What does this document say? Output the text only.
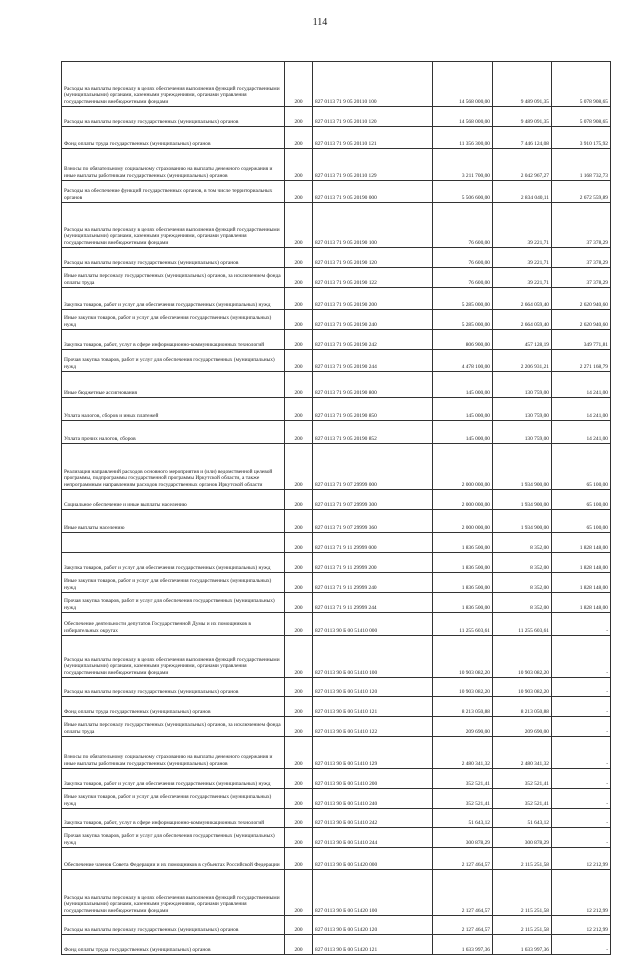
114
Расходы на выплаты персоналу в целях обеспечения выполнения функций государственными (муниципальными) органами, казенными учреждениями, органами управления государственными внебюджетными фондами	200	827 0113 71 9 05 20110 100	14 568 000,00	9 489 091,35	5 078 908,65
Расходы на выплаты персоналу государственных (муниципальных) органов	200	827 0113 71 9 05 20110 120	14 568 000,00	9 489 091,35	5 078 908,65
Фонд оплаты труда государственных (муниципальных) органов	200	827 0113 71 9 05 20110 121	11 356 300,00	7 446 124,08	3 910 175,92
Взносы по обязательному социальному страхованию на выплаты денежного содержания и иные выплаты работникам государственных (муниципальных) органов	200	827 0113 71 9 05 20110 129	3 211 700,00	2 042 967,27	1 168 732,73
Расходы на обеспечение функций государственных органов, в том числе территориальных органов	200	827 0113 71 9 05 20190 000	5 506 600,00	2 834 040,11	2 672 559,89
Расходы на выплаты персоналу в целях обеспечения выполнения функций государственными (муниципальными) органами, казенными учреждениями, органами управления государственными внебюджетными фондами	200	827 0113 71 9 05 20190 100	76 600,00	39 221,71	37 378,29
Расходы на выплаты персоналу государственных (муниципальных) органов	200	827 0113 71 9 05 20190 120	76 600,00	39 221,71	37 378,29
Иные выплаты персоналу государственных (муниципальных) органов, за исключением фонда оплаты труда	200	827 0113 71 9 05 20190 122	76 600,00	39 221,71	37 378,29
Закупка товаров, работ и услуг для обеспечения государственных (муниципальных) нужд	200	827 0113 71 9 05 20190 200	5 285 000,00	2 664 059,40	2 620 940,60
Иные закупки товаров, работ и услуг для обеспечения государственных (муниципальных) нужд	200	827 0113 71 9 05 20190 240	5 285 000,00	2 664 059,40	2 620 940,60
Закупка товаров, работ, услуг в сфере информационно-коммуникационных технологий	200	827 0113 71 9 05 20190 242	806 900,00	457 128,19	349 771,81
Прочая закупка товаров, работ и услуг для обеспечения государственных (муниципальных) нужд	200	827 0113 71 9 05 20190 244	4 478 100,00	2 206 931,21	2 271 168,79
Иные бюджетные ассигнования	200	827 0113 71 9 05 20190 800	145 000,00	130 759,00	14 241,00
Уплата налогов, сборов и иных платежей	200	827 0113 71 9 05 20190 850	145 000,00	130 759,00	14 241,00
Уплата прочих налогов, сборов	200	827 0113 71 9 05 20190 852	145 000,00	130 759,00	14 241,00
Реализация направлений расходов основного мероприятия и (или) ведомственной целевой программы, подпрограммы государственной программы Иркутской области, а также непрограммным направлениям расходов государственных органов Иркутской области	200	827 0113 71 9 07 29999 000	2 000 000,00	1 934 900,00	65 100,00
Социальное обеспечение и иные выплаты населению	200	827 0113 71 9 07 29999 300	2 000 000,00	1 934 900,00	65 100,00
Иные выплаты населению	200	827 0113 71 9 07 29999 360	2 000 000,00	1 934 900,00	65 100,00
	200	827 0113 71 9 11 29999 000	1 836 500,00	8 352,00	1 828 148,00
Закупка товаров, работ и услуг для обеспечения государственных (муниципальных) нужд	200	827 0113 71 9 11 29999 200	1 836 500,00	8 352,00	1 828 148,00
Иные закупки товаров, работ и услуг для обеспечения государственных (муниципальных) нужд	200	827 0113 71 9 11 29999 240	1 836 500,00	8 352,00	1 828 148,00
Прочая закупка товаров, работ и услуг для обеспечения государственных (муниципальных) нужд	200	827 0113 71 9 11 29999 244	1 836 500,00	8 352,00	1 828 148,00
Обеспечение деятельности депутатов Государственной Думы и их помощников в избирательных округах	200	827 0113 90 Б 00 51410 000	11 255 603,61	11 255 603,61	-
Расходы на выплаты персоналу в целях обеспечения выполнения функций государственными (муниципальными) органами, казенными учреждениями, органами управления государственными внебюджетными фондами	200	827 0113 90 Б 00 51410 100	10 903 082,20	10 903 082,20	-
Расходы на выплаты персоналу государственных (муниципальных) органов	200	827 0113 90 Б 00 51410 120	10 903 082,20	10 903 082,20	-
Фонд оплаты труда государственных (муниципальных) органов	200	827 0113 90 Б 00 51410 121	8 213 050,88	8 213 050,88	-
Иные выплаты персоналу государственных (муниципальных) органов, за исключением фонда оплаты труда	200	827 0113 90 Б 00 51410 122	209 690,00	209 690,00	-
Взносы по обязательному социальному страхованию на выплаты денежного содержания и иные выплаты работникам государственных (муниципальных) органов	200	827 0113 90 Б 00 51410 129	2 480 341,32	2 480 341,32	-
Закупка товаров, работ и услуг для обеспечения государственных (муниципальных) нужд	200	827 0113 90 Б 00 51410 200	352 521,41	352 521,41	-
Иные закупки товаров, работ и услуг для обеспечения государственных (муниципальных) нужд	200	827 0113 90 Б 00 51410 240	352 521,41	352 521,41	-
Закупка товаров, работ, услуг в сфере информационно-коммуникационных технологий	200	827 0113 90 Б 00 51410 242	51 643,12	51 643,12	-
Прочая закупка товаров, работ и услуг для обеспечения государственных (муниципальных) нужд	200	827 0113 90 Б 00 51410 244	300 878,29	300 878,29	-
Обеспечение членов Совета Федерации и их помощников в субъектах Российской Федерации	200	827 0113 90 Б 00 51420 000	2 127 464,57	2 115 251,58	12 212,99
Расходы на выплаты персоналу в целях обеспечения выполнения функций государственными (муниципальными) органами, казенными учреждениями, органами управления государственными внебюджетными фондами	200	827 0113 90 Б 00 51420 100	2 127 464,57	2 115 251,58	12 212,99
Расходы на выплаты персоналу государственных (муниципальных) органов	200	827 0113 90 Б 00 51420 120	2 127 464,57	2 115 251,58	12 212,99
Фонд оплаты труда государственных (муниципальных) органов	200	827 0113 90 Б 00 51420 121	1 633 997,36	1 633 997,36	-
